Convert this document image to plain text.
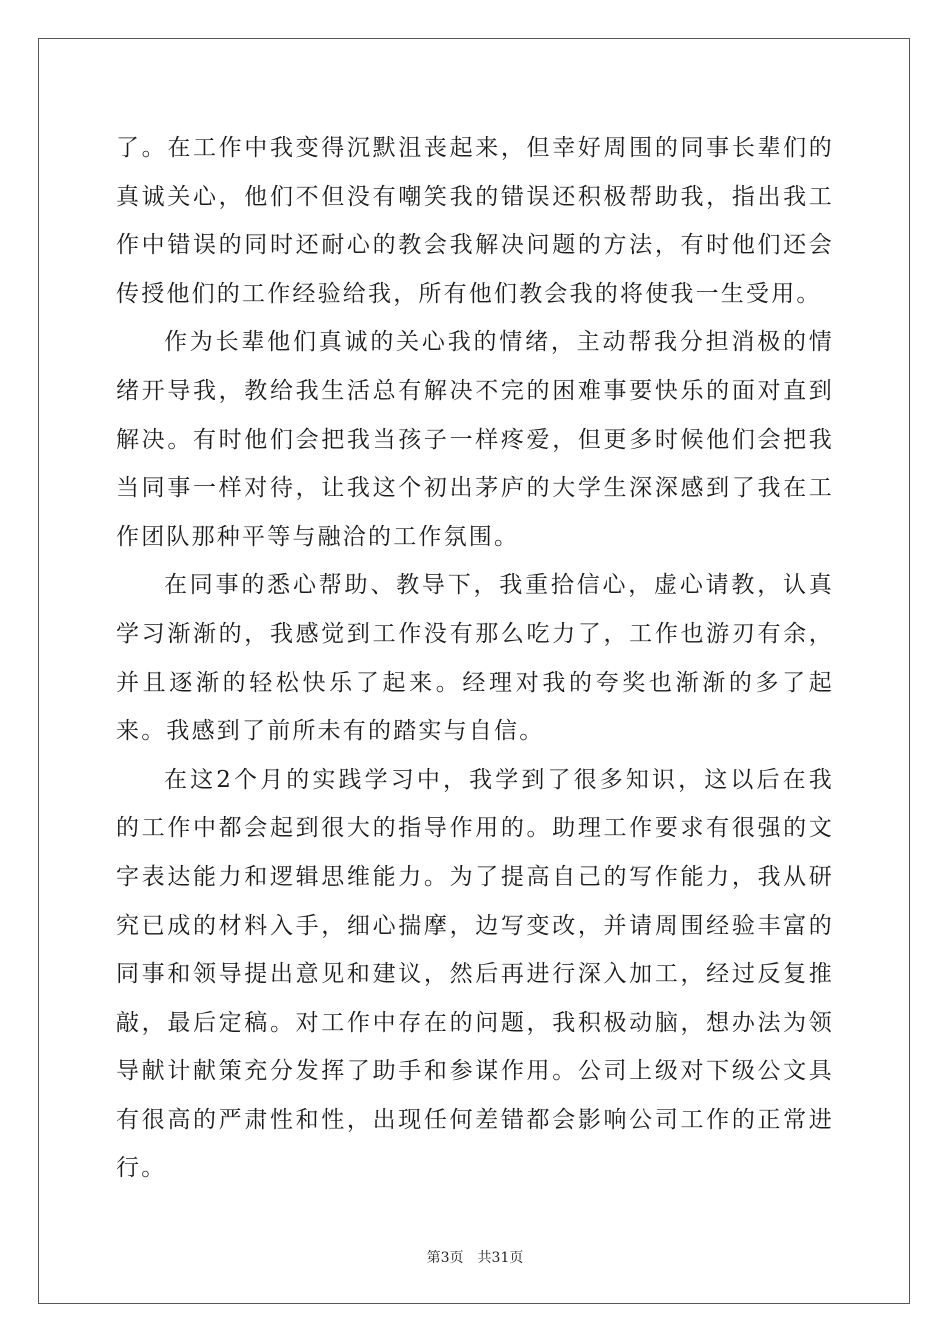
了。在工作中我变得沉默沮丧起来，但幸好周围的同事长辈们的真诚关心，他们不但没有嘲笑我的错误还积极帮助我，指出我工作中错误的同时还耐心的教会我解决问题的方法，有时他们还会传授他们的工作经验给我，所有他们教会我的将使我一生受用。

作为长辈他们真诚的关心我的情绪，主动帮我分担消极的情绪开导我，教给我生活总有解决不完的困难事要快乐的面对直到解决。有时他们会把我当孩子一样疼爱，但更多时候他们会把我当同事一样对待，让我这个初出茅庐的大学生深深感到了我在工作团队那种平等与融洽的工作氛围。

在同事的悉心帮助、教导下，我重拾信心，虚心请教，认真学习渐渐的，我感觉到工作没有那么吃力了，工作也游刃有余，并且逐渐的轻松快乐了起来。经理对我的夸奖也渐渐的多了起来。我感到了前所未有的踏实与自信。

在这2个月的实践学习中，我学到了很多知识，这以后在我的工作中都会起到很大的指导作用的。助理工作要求有很强的文字表达能力和逻辑思维能力。为了提高自己的写作能力，我从研究已成的材料入手，细心揣摩，边写变改，并请周围经验丰富的同事和领导提出意见和建议，然后再进行深入加工，经过反复推敲，最后定稿。对工作中存在的问题，我积极动脑，想办法为领导献计献策充分发挥了助手和参谋作用。公司上级对下级公文具有很高的严肃性和性，出现任何差错都会影响公司工作的正常进行。

第3页 共31页
